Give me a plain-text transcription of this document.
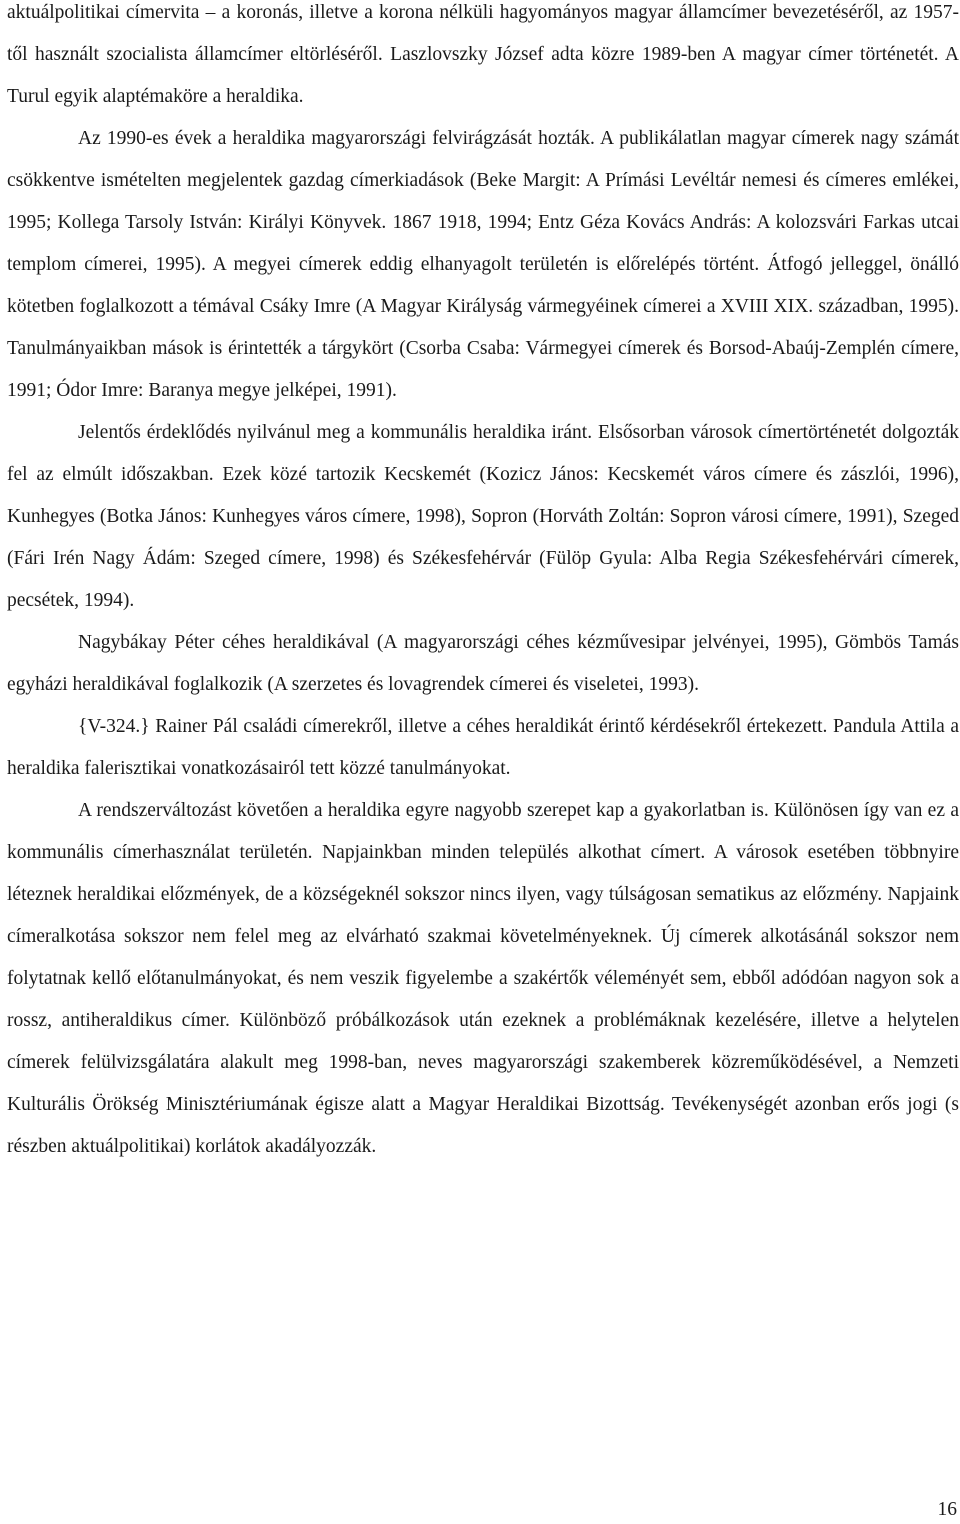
aktuálpolitikai címervita – a koronás, illetve a korona nélküli hagyományos magyar államcímer bevezetéséről, az 1957-től használt szocialista államcímer eltörléséről. Laszlovszky József adta közre 1989-ben A magyar címer történetét. A Turul egyik alaptémaköre a heraldika.

Az 1990-es évek a heraldika magyarországi felvirágzását hozták. A publikálatlan magyar címerek nagy számát csökkentve ismételten megjelentek gazdag címerkiadások (Beke Margit: A Prímási Levéltár nemesi és címeres emlékei, 1995; Kollega Tarsoly István: Királyi Könyvek. 1867 1918, 1994; Entz Géza Kovács András: A kolozsvári Farkas utcai templom címerei, 1995). A megyei címerek eddig elhanyagolt területén is előrelépés történt. Átfogó jelleggel, önálló kötetben foglalkozott a témával Csáky Imre (A Magyar Királyság vármegyéinek címerei a XVIII XIX. században, 1995). Tanulmányaikban mások is érintették a tárgykört (Csorba Csaba: Vármegyei címerek és Borsod-Abaúj-Zemplén címere, 1991; Ódor Imre: Baranya megye jelképei, 1991).

Jelentős érdeklődés nyilvánul meg a kommunális heraldika iránt. Elsősorban városok címertörténetét dolgozták fel az elmúlt időszakban. Ezek közé tartozik Kecskemét (Kozicz János: Kecskemét város címere és zászlói, 1996), Kunhegyes (Botka János: Kunhegyes város címere, 1998), Sopron (Horváth Zoltán: Sopron városi címere, 1991), Szeged (Fári Irén Nagy Ádám: Szeged címere, 1998) és Székesfehérvár (Fülöp Gyula: Alba Regia Székesfehérvári címerek, pecsétek, 1994).

Nagybákay Péter céhes heraldikával (A magyarországi céhes kézművesipar jelvényei, 1995), Gömbös Tamás egyházi heraldikával foglalkozik (A szerzetes és lovagrendek címerei és viseletei, 1993).

{V-324.} Rainer Pál családi címerekről, illetve a céhes heraldikát érintő kérdésekről értekezett. Pandula Attila a heraldika falerisztikai vonatkozásairól tett közzé tanulmányokat.

A rendszerváltozást követően a heraldika egyre nagyobb szerepet kap a gyakorlatban is. Különösen így van ez a kommunális címerhasználat területén. Napjainkban minden település alkothat címert. A városok esetében többnyire léteznek heraldikai előzmények, de a községeknél sokszor nincs ilyen, vagy túlságosan sematikus az előzmény. Napjaink címeralkotása sokszor nem felel meg az elvárható szakmai követelményeknek. Új címerek alkotásánál sokszor nem folytatnak kellő előtanulmányokat, és nem veszik figyelembe a szakértők véleményét sem, ebből adódóan nagyon sok a rossz, antiheraldikus címer. Különböző próbálkozások után ezeknek a problémáknak kezelésére, illetve a helytelen címerek felülvizsgálatára alakult meg 1998-ban, neves magyarországi szakemberek közreműködésével, a Nemzeti Kulturális Örökség Minisztériumának égisze alatt a Magyar Heraldikai Bizottság. Tevékenységét azonban erős jogi (s részben aktuálpolitikai) korlátok akadályozzák.

16
